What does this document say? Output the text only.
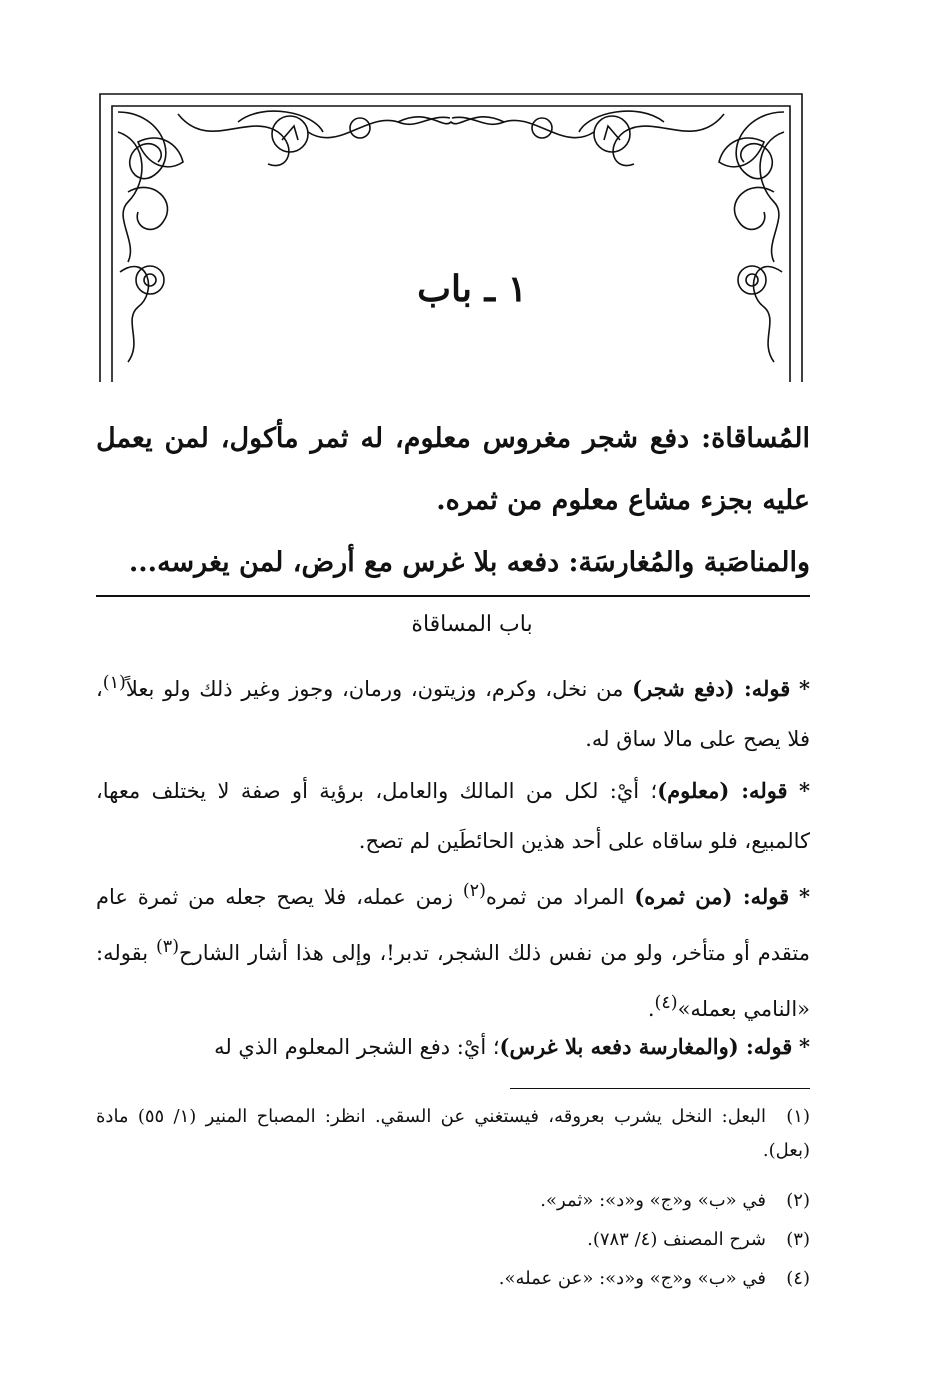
١ ـ باب
المُساقاة: دفع شجر مغروس معلوم، له ثمر مأكول، لمن يعمل عليه بجزء مشاع معلوم من ثمره.
والمناصَبة والمُغارسَة: دفعه بلا غرس مع أرض، لمن يغرسه...
باب المساقاة
* قوله: (دفع شجر) من نخل، وكرم، وزيتون، ورمان، وجوز وغير ذلك ولو بعلاً$^{(١)}$، فلا يصح على مالا ساق له.
* قوله: (معلوم)؛ أيْ: لكل من المالك والعامل، برؤية أو صفة لا يختلف معها، كالمبيع، فلو ساقاه على أحد هذين الحائطَين لم تصح.
* قوله: (من ثمره) المراد من ثمره$^{(٢)}$ زمن عمله، فلا يصح جعله من ثمرة عام متقدم أو متأخر، ولو من نفس ذلك الشجر، تدبر!، وإلى هذا أشار الشارح$^{(٣)}$ بقوله: «النامي بعمله»$^{(٤)}$.
* قوله: (والمغارسة دفعه بلا غرس)؛ أيْ: دفع الشجر المعلوم الذي له
(١)البعل: النخل يشرب بعروقه، فيستغني عن السقي. انظر: المصباح المنير (١/ ٥٥) مادة (بعل).
(٢)في «ب» و«ج» و«د»: «ثمر».
(٣)شرح المصنف (٤/ ٧٨٣).
(٤)في «ب» و«ج» و«د»: «عن عمله».
